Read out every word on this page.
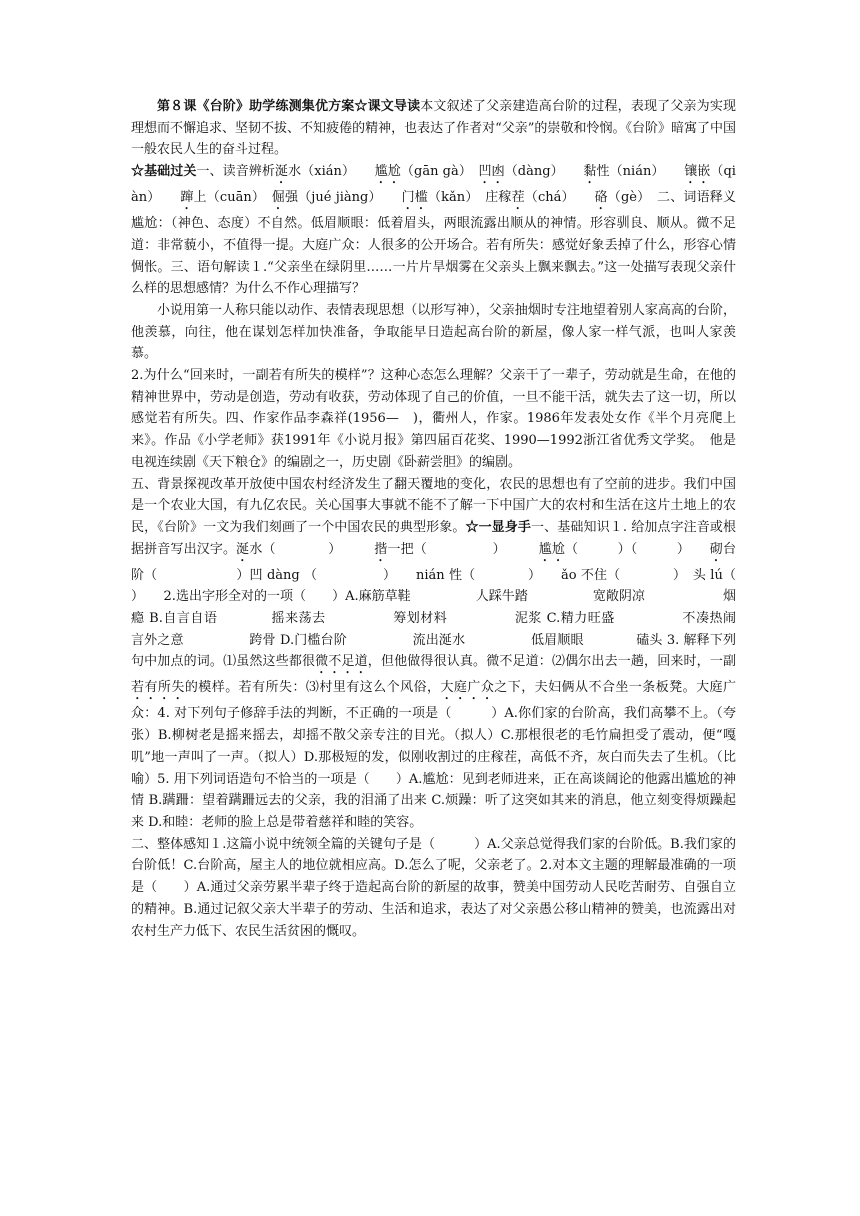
第８课《台阶》助学练测集优方案☆课文导读本文叙述了父亲建造高台阶的过程，表现了父亲为实现理想而不懈追求、坚韧不拔、不知疲倦的精神，也表达了作者对“父亲”的崇敬和怜悯。《台阶》暗寓了中国一般农民人生的奋斗过程。

☆基础过关一、读音辨析涎水（xián）　　尴尬（gān gà）　凹凼（dàng）　　黏性（nián）　　镶嵌（qiàn）　　蹿上（cuān）　倔强（jué jiàng）　　门槛（kǎn）　庄稼茬（chá）　　硌（gè）　二、词语释义尴尬：（神色、态度）不自然。低眉顺眼：低着眉头，两眼流露出顺从的神情。形容驯良、顺从。微不足道：非常藐小，不值得一提。大庭广众：人很多的公开场合。若有所失：感觉好象丢掉了什么，形容心情惆怅。三、语句解读１.“父亲坐在绿阴里……一片片旱烟雾在父亲头上飘来飘去。”这一处描写表现父亲什么样的思想感情？为什么不作心理描写？

小说用第一人称只能以动作、表情表现思想（以形写神），父亲抽烟时专注地望着别人家高高的台阶，他羡慕，向往，他在谋划怎样加快准备，争取能早日造起高台阶的新屋，像人家一样气派，也叫人家羡慕。

2.为什么“回来时，一副若有所失的模样”？这种心态怎么理解？父亲干了一辈子，劳动就是生命，在他的精神世界中，劳动是创造，劳动有收获，劳动体现了自己的价值，一旦不能干活，就失去了这一切，所以感觉若有所失。四、作家作品李森祥(1956—　)，衢州人，作家。1986年发表处女作《半个月亮爬上来》。作品《小学老师》获1991年《小说月报》第四届百花奖、1990—1992浙江省优秀文学奖。　他是电视连续剧《天下粮仓》的编剧之一，历史剧《卧薪尝胆》的编剧。

五、背景探视改革开放使中国农村经济发生了翻天覆地的变化，农民的思想也有了空前的进步。我们中国是一个农业大国，有九亿农民。关心国事大事就不能不了解一下中国广大的农村和生活在这片土地上的农民，《台阶》一文为我们刻画了一个中国农民的典型形象。☆一显身手一、基础知识１. 给加点字注音或根据拼音写出汉字。涎水（　　　　）　　　揩一把（　　　　　）　　　尴尬（　　　）（　　　）　　砌台阶（　　　　　　）凹 dàng （　　　　　）　　nián 性（　　　　）　　ǎo 不住（　　　　）　头 lú（　　　）　　2.选出字形全对的一项（　　）A.麻筋草鞋　　　　　人踩牛踏　　　　　宽敞阴凉　　　　　　烟瘾 B.自言自语　　　　摇来荡去　　　　　筹划材料　　　　　泥浆 C.精力旺盛　　　　　不凑热闹　　　　　言外之意　　　　　跨骨 D.门槛台阶　　　　　流出涎水　　　　　低眉顺眼　　　　磕头 3. 解释下列句中加点的词。⑴虽然这些都很微不足道，但他做得很认真。微不足道：⑵偶尔出去一趟，回来时，一副若有所失的模样。若有所失：⑶村里有这么个风俗，大庭广众之下，夫妇俩从不合坐一条板凳。大庭广众：4. 对下列句子修辞手法的判断，不正确的一项是（　　　）A.你们家的台阶高，我们高攀不上。（夸张）B.柳树老是摇来摇去，却摇不散父亲专注的目光。（拟人）C.那根很老的毛竹扁担受了震动，便“嘎叽”地一声叫了一声。（拟人）D.那极短的发，似刚收割过的庄稼茬，高低不齐，灰白而失去了生机。（比喻）5. 用下列词语造句不恰当的一项是（　　）A.尴尬：见到老师进来，正在高谈阔论的他露出尴尬的神情 B.蹒跚：望着蹒跚远去的父亲，我的泪涌了出来 C.烦躁：听了这突如其来的消息，他立刻变得烦躁起来 D.和睦：老师的脸上总是带着慈祥和睦的笑容。

二、整体感知１.这篇小说中统领全篇的关键句子是（　　　）A.父亲总觉得我们家的台阶低。B.我们家的台阶低！C.台阶高，屋主人的地位就相应高。D.怎么了呢，父亲老了。2.对本文主题的理解最准确的一项是（　　）A.通过父亲劳累半辈子终于造起高台阶的新屋的故事，赞美中国劳动人民吃苦耐劳、自强自立的精神。B.通过记叙父亲大半辈子的劳动、生活和追求，表达了对父亲愚公移山精神的赞美，也流露出对农村生产力低下、农民生活贫困的慨叹。
